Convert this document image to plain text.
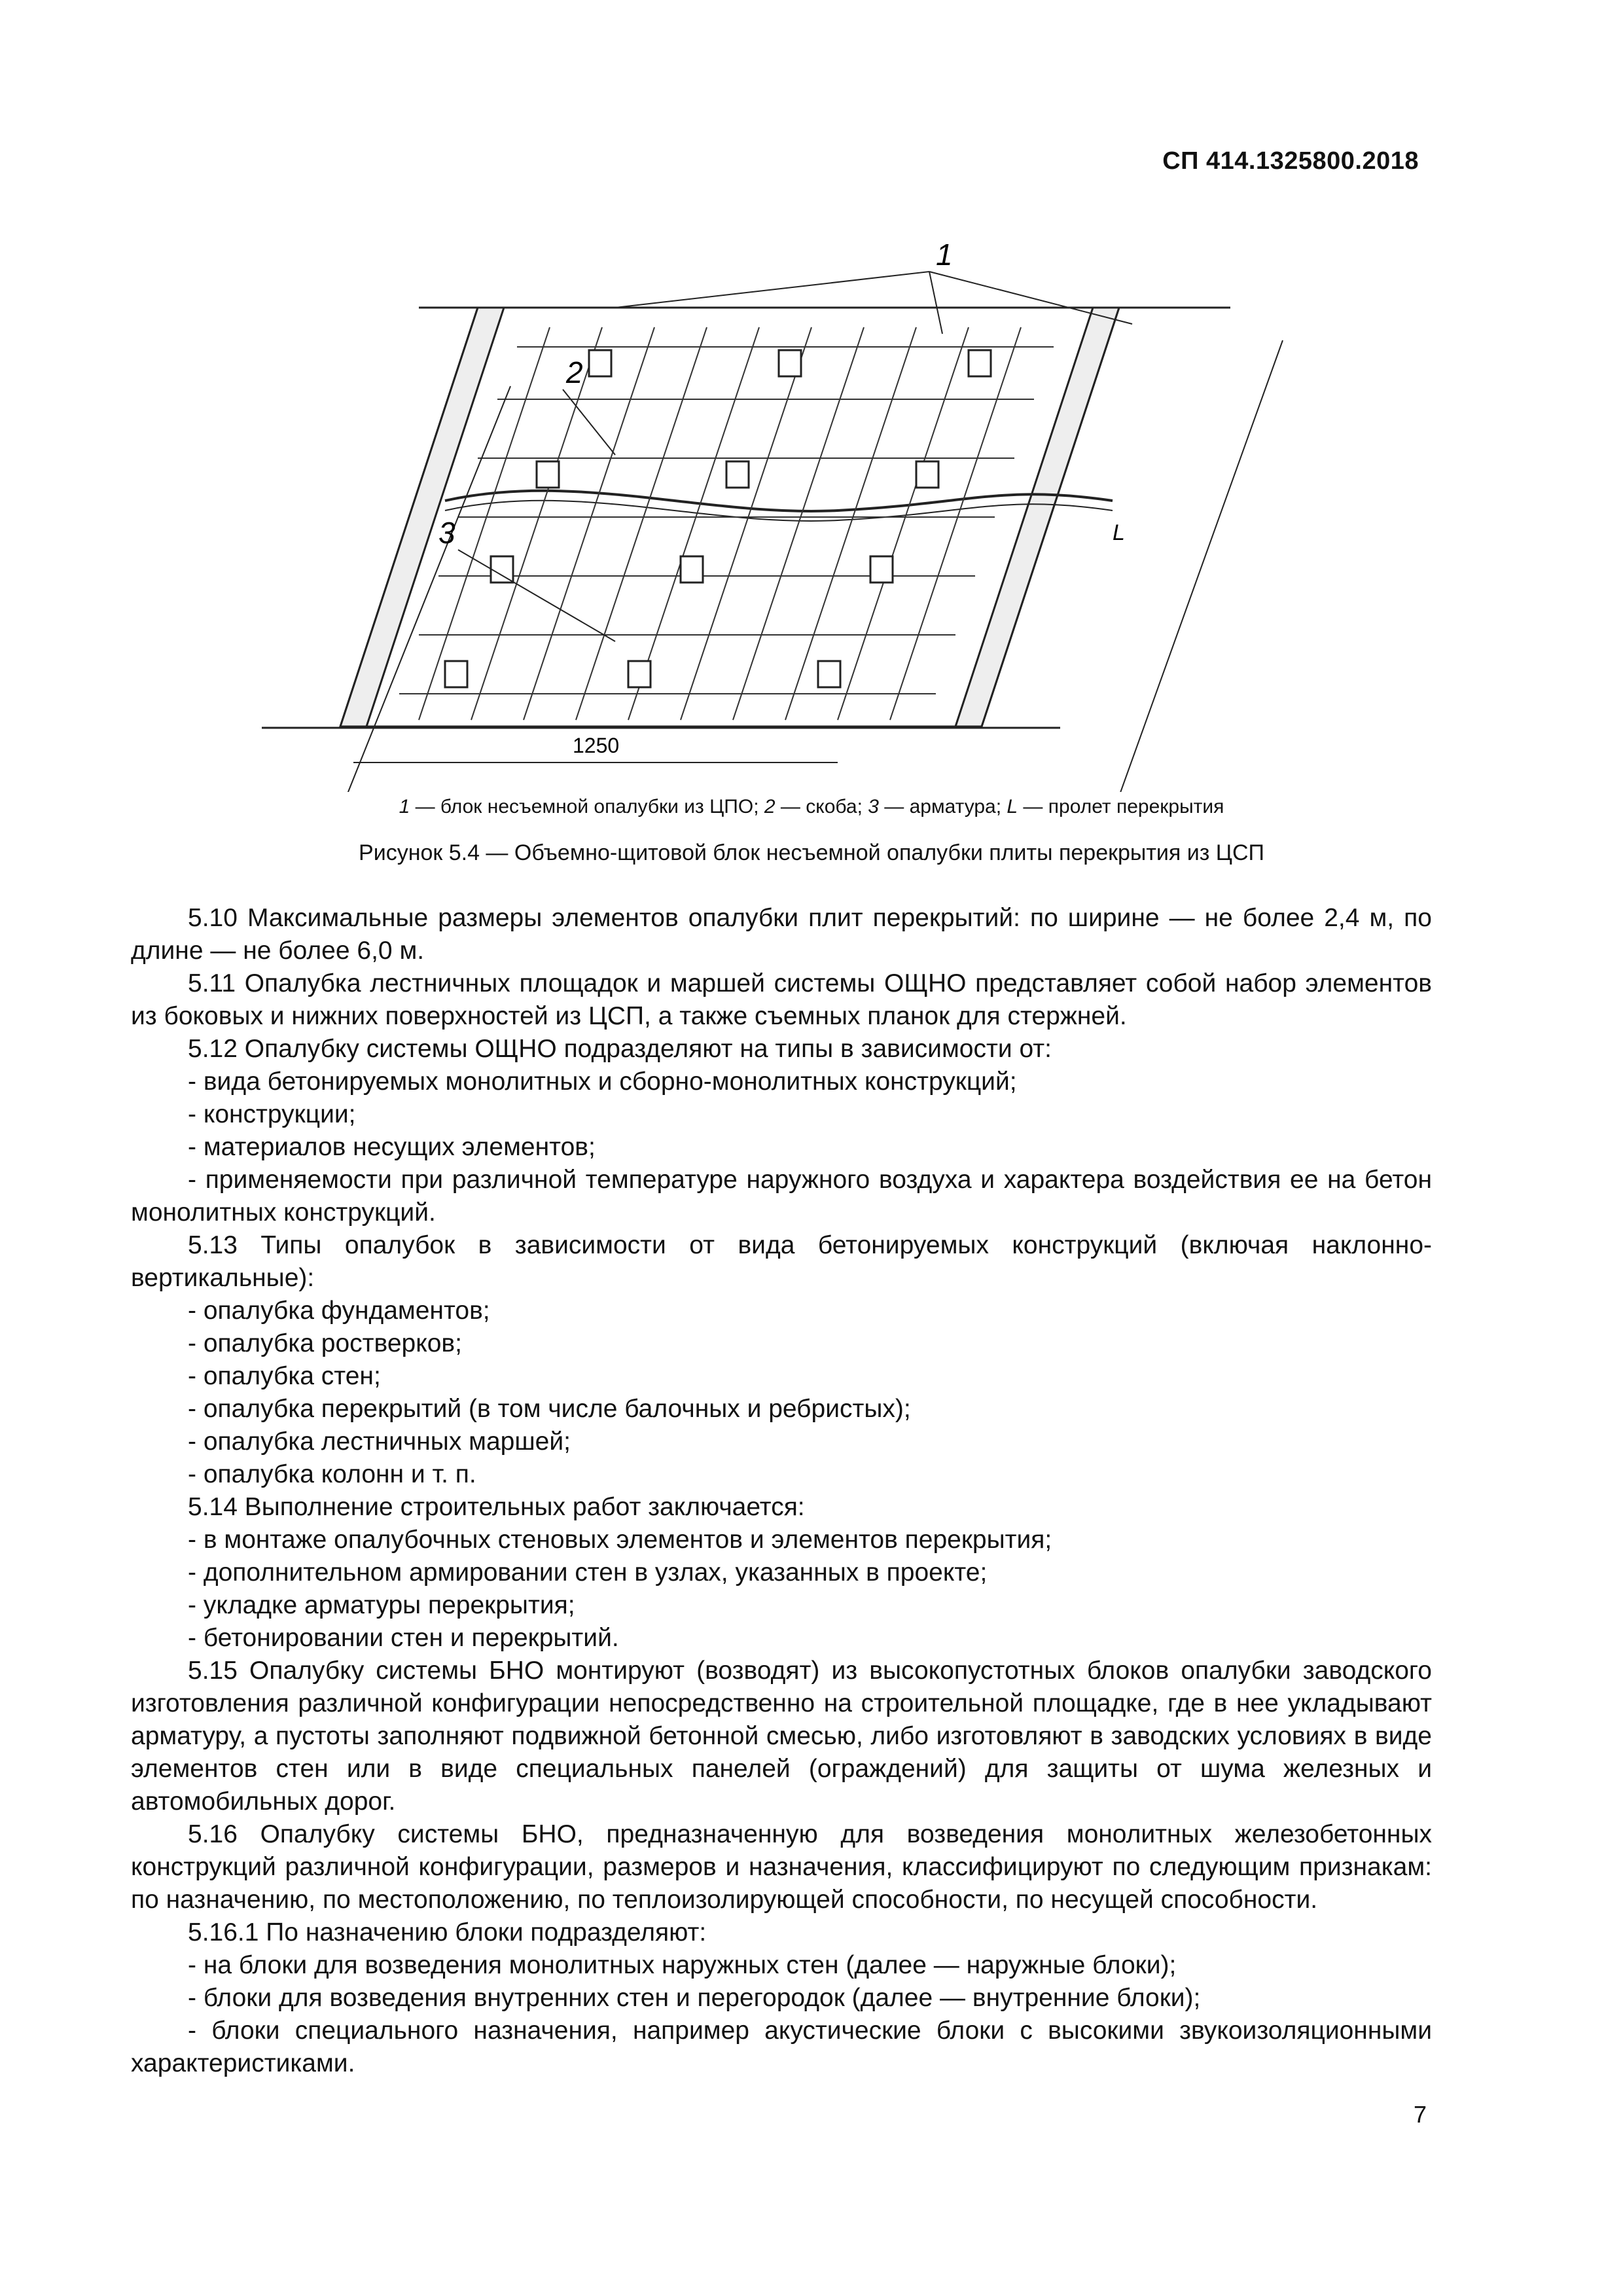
СП 414.1325800.2018
1
2
3	L
1250
1 — блок несъемной опалубки из ЦПО; 2 — скоба; 3 — арматура; L — пролет перекрытия
Рисунок 5.4 — Объемно-щитовой блок несъемной опалубки плиты перекрытия из ЦСП

5.10 Максимальные размеры элементов опалубки плит перекрытий: по ширине — не более 2,4 м, по длине — не более 6,0 м.

5.11 Опалубка лестничных площадок и маршей системы ОЩНО представляет собой набор элементов из боковых и нижних поверхностей из ЦСП, а также съемных планок для стержней.

5.12 Опалубку системы ОЩНО подразделяют на типы в зависимости от:

- вида бетонируемых монолитных и сборно-монолитных конструкций;

- конструкции;

- материалов несущих элементов;

- применяемости при различной температуре наружного воздуха и характера воздействия ее на бетон монолитных конструкций.

5.13 Типы опалубок в зависимости от вида бетонируемых конструкций (включая наклонно-вертикальные):

- опалубка фундаментов;

- опалубка ростверков;

- опалубка стен;

- опалубка перекрытий (в том числе балочных и ребристых);

- опалубка лестничных маршей;

- опалубка колонн и т. п.

5.14 Выполнение строительных работ заключается:

- в монтаже опалубочных стеновых элементов и элементов перекрытия;

- дополнительном армировании стен в узлах, указанных в проекте;

- укладке арматуры перекрытия;

- бетонировании стен и перекрытий.

5.15 Опалубку системы БНО монтируют (возводят) из высокопустотных блоков опалубки заводского изготовления различной конфигурации непосредственно на строительной площадке, где в нее укладывают арматуру, а пустоты заполняют подвижной бетонной смесью, либо изготовляют в заводских условиях в виде элементов стен или в виде специальных панелей (ограждений) для защиты от шума железных и автомобильных дорог.

5.16 Опалубку системы БНО, предназначенную для возведения монолитных железобетонных конструкций различной конфигурации, размеров и назначения, классифицируют по следующим признакам: по назначению, по местоположению, по теплоизолирующей способности, по несущей способности.

5.16.1 По назначению блоки подразделяют:

- на блоки для возведения монолитных наружных стен (далее — наружные блоки);

- блоки для возведения внутренних стен и перегородок (далее — внутренние блоки);

- блоки специального назначения, например акустические блоки с высокими звукоизоляционными характеристиками.

7
